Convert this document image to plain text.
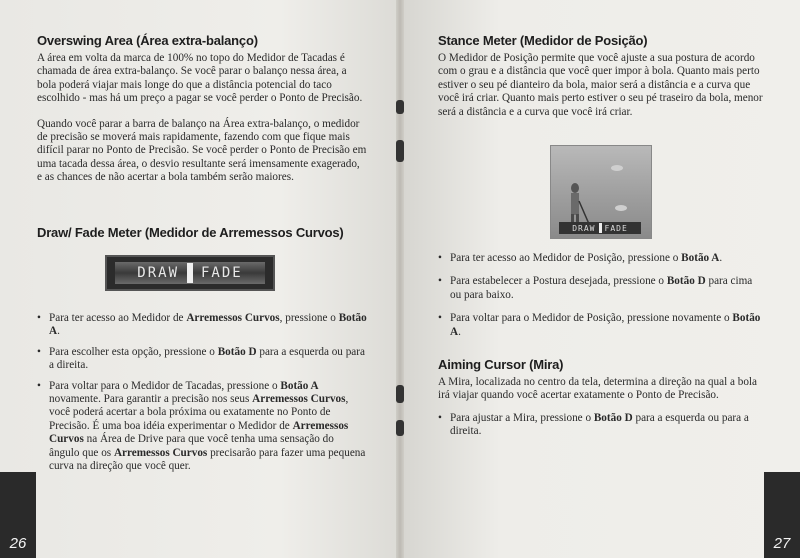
Overswing Area (Área extra-balanço)

A área em volta da marca de 100% no topo do Medidor de Tacadas é chamada de área extra-balanço. Se você parar o balanço nessa área, a bola poderá viajar mais longe do que a distância potencial do taco escolhido - mas há um preço a pagar se você perder o Ponto de Precisão.

Quando você parar a barra de balanço na Área extra-balanço, o medidor de precisão se moverá mais rapidamente, fazendo com que fique mais difícil parar no Ponto de Precisão. Se você perder o Ponto de Precisão em uma tacada dessa área, o desvio resultante será imensamente exagerado, e as chances de não acertar a bola também serão maiores.

Draw/ Fade Meter (Medidor de Arremessos Curvos)
DRAW FADE
• Para ter acesso ao Medidor de Arremessos Curvos, pressione o Botão A.
• Para escolher esta opção, pressione o Botão D para a esquerda ou para a direita.
• Para voltar para o Medidor de Tacadas, pressione o Botão A novamente. Para garantir a precisão nos seus Arremessos Curvos, você poderá acertar a bola próxima ou exatamente no Ponto de Precisão. É uma boa idéia experimentar o Medidor de Arremessos Curvos na Área de Drive para que você tenha uma sensação do ângulo que os Arremessos Curvos precisarão para fazer uma pequena curva na direção que você quer.
26
Stance Meter (Medidor de Posição)

O Medidor de Posição permite que você ajuste a sua postura de acordo com o grau e a distância que você quer impor à bola. Quanto mais perto estiver o seu pé dianteiro da bola, maior será a distância e a curva que você irá criar. Quanto mais perto estiver o seu pé traseiro da bola, menor será a distância e a curva que você irá criar.

• Para ter acesso ao Medidor de Posição, pressione o Botão A.
• Para estabelecer a Postura desejada, pressione o Botão D para cima ou para baixo.
• Para voltar para o Medidor de Posição, pressione novamente o Botão A.
Aiming Cursor (Mira)

A Mira, localizada no centro da tela, determina a direção na qual a bola irá viajar quando você acertar exatamente o Ponto de Precisão.

• Para ajustar a Mira, pressione o Botão D para a esquerda ou para a direita.
27
DRAW FADE
